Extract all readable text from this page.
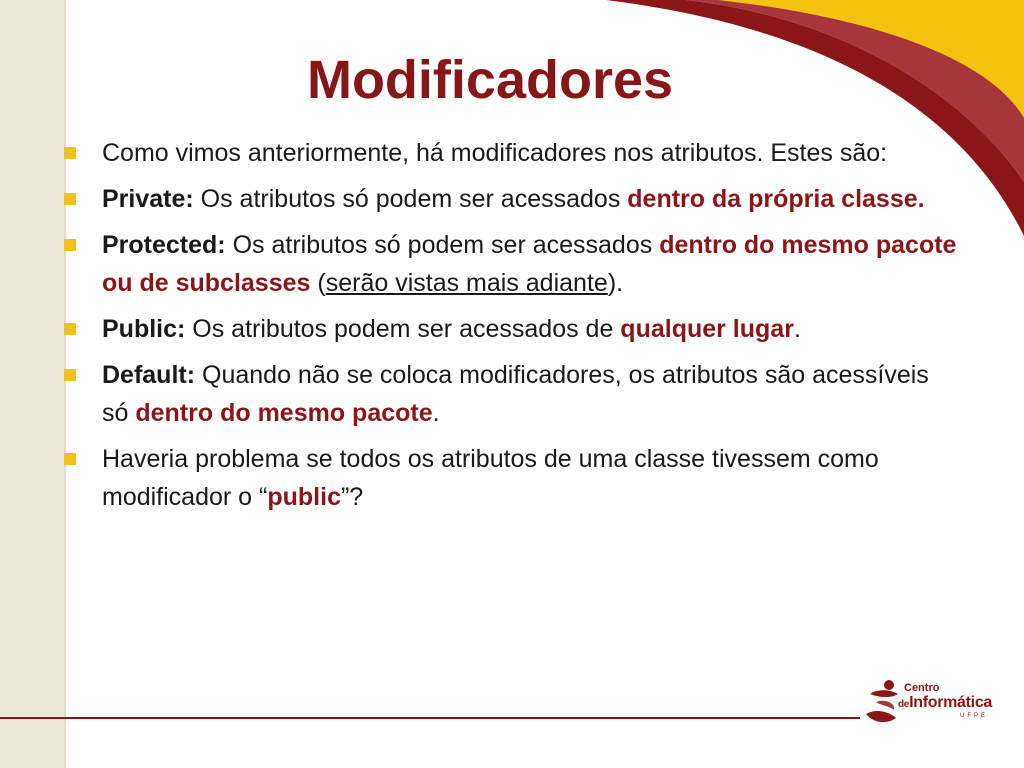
Modificadores
Como vimos anteriormente, há modificadores nos atributos. Estes são:
Private: Os atributos só podem ser acessados dentro da própria classe.
Protected: Os atributos só podem ser acessados dentro do mesmo pacote ou de subclasses (serão vistas mais adiante).
Public: Os atributos podem ser acessados de qualquer lugar.
Default: Quando não se coloca modificadores, os atributos são acessíveis só dentro do mesmo pacote.
Haveria problema se todos os atributos de uma classe tivessem como modificador o “public”?
Centro
deInformática
UFPE
